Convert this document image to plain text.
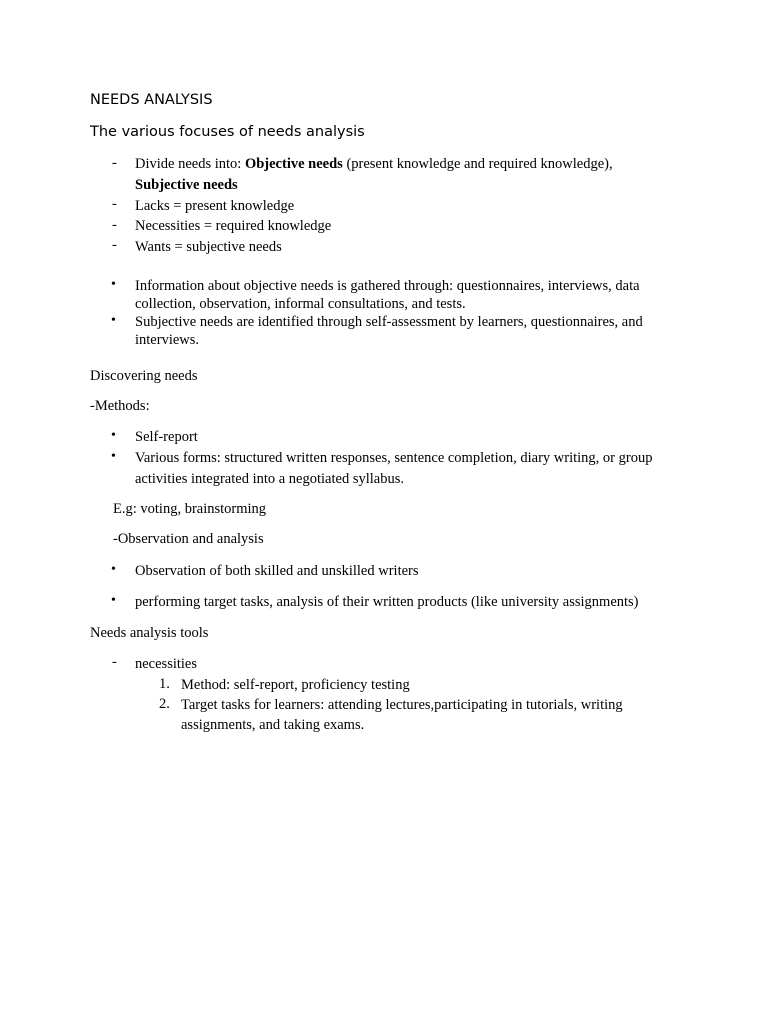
NEEDS ANALYSIS
The various focuses of needs analysis
- Divide needs into: Objective needs (present knowledge and required knowledge),
Subjective needs
- Lacks = present knowledge
- Necessities = required knowledge
- Wants = subjective needs
• Information about objective needs is gathered through: questionnaires, interviews, data
collection, observation, informal consultations, and tests.
• Subjective needs are identified through self-assessment by learners, questionnaires, and
interviews.
Discovering needs
-Methods:
• Self-report
• Various forms: structured written responses, sentence completion, diary writing, or group
activities integrated into a negotiated syllabus.
E.g: voting, brainstorming
-Observation and analysis
• Observation of both skilled and unskilled writers
• performing target tasks, analysis of their written products (like university assignments)
Needs analysis tools
- necessities
1. Method: self-report, proficiency testing
2. Target tasks for learners: attending lectures,participating in tutorials, writing
assignments, and taking exams.
